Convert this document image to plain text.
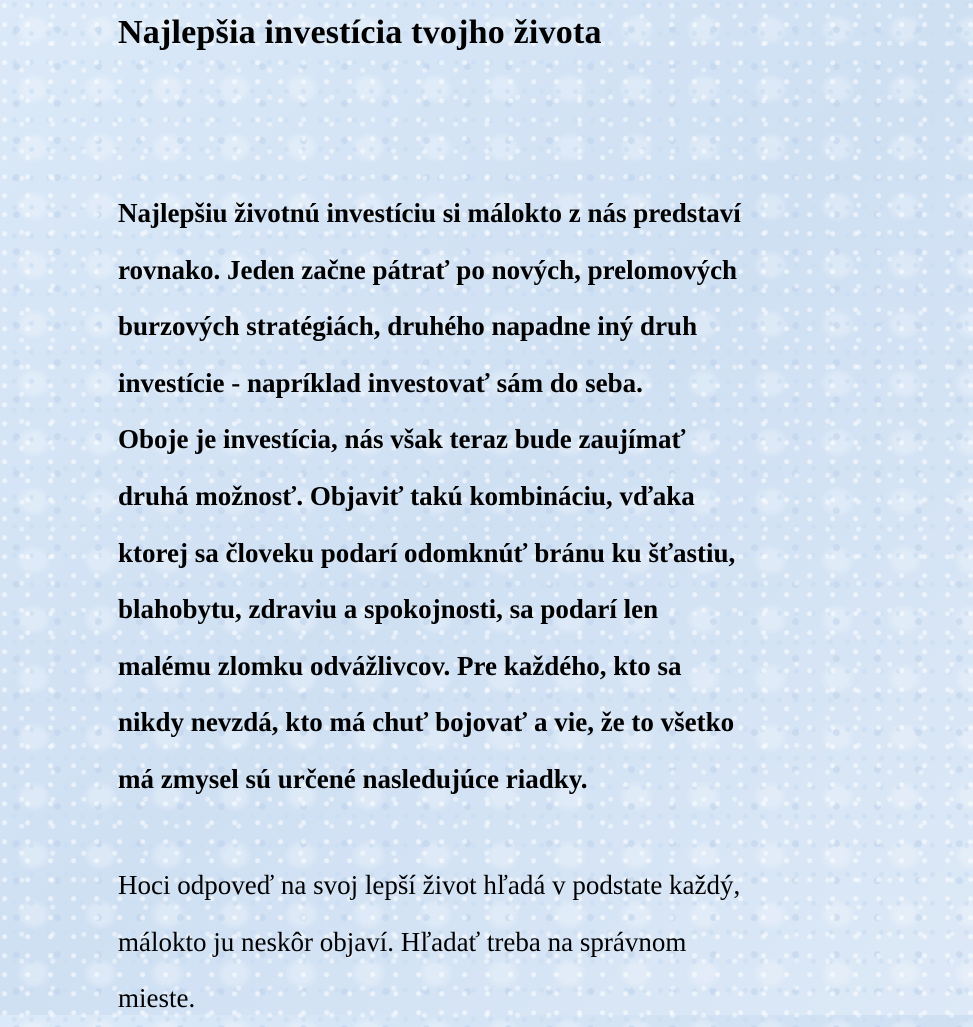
Najlepšia investícia tvojho života

Najlepšiu životnú investíciu si málokto z nás predstaví
rovnako. Jeden začne pátrať po nových, prelomových
burzových stratégiách, druhého napadne iný druh
investície - napríklad investovať sám do seba.
Oboje je investícia, nás však teraz bude zaujímať
druhá možnosť. Objaviť takú kombináciu, vďaka
ktorej sa človeku podarí odomknúť bránu ku šťastiu,
blahobytu, zdraviu a spokojnosti, sa podarí len
malému zlomku odvážlivcov. Pre každého, kto sa
nikdy nevzdá, kto má chuť bojovať a vie, že to všetko
má zmysel sú určené nasledujúce riadky.

Hoci odpoveď na svoj lepší život hľadá v podstate každý,
málokto ju neskôr objaví. Hľadať treba na správnom
mieste.
